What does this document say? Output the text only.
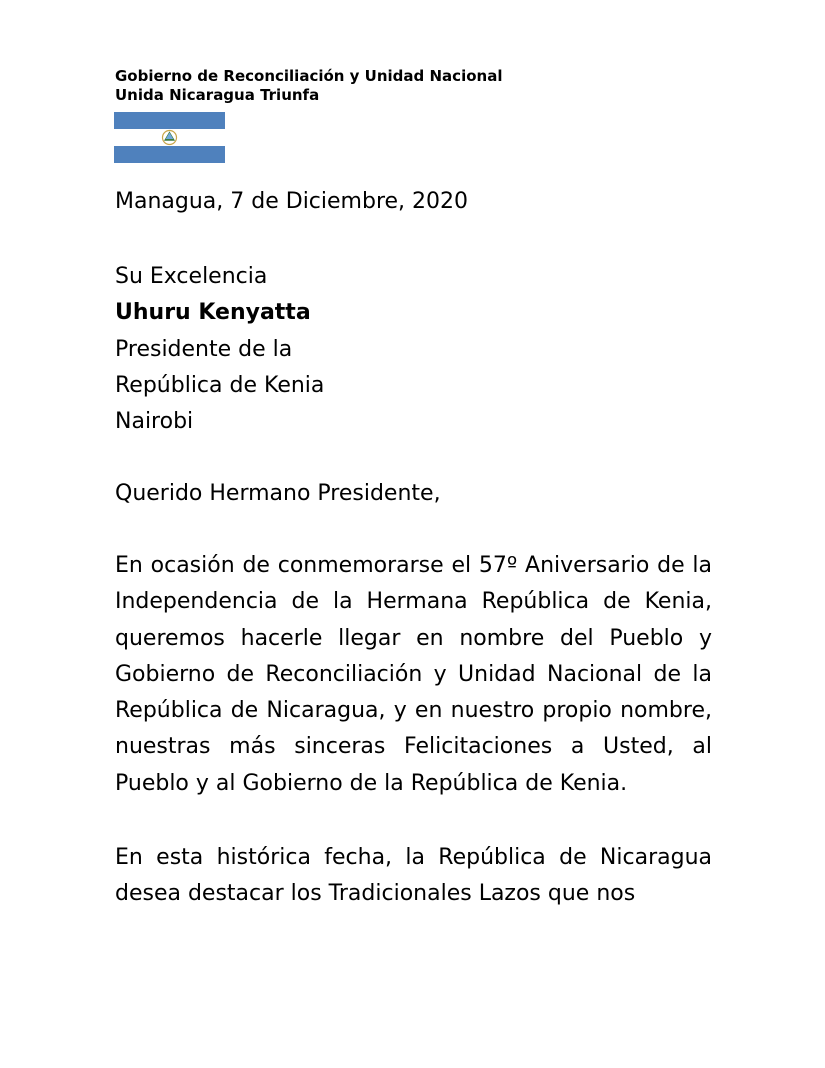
Gobierno de Reconciliación y Unidad Nacional
Unida Nicaragua Triunfa
Managua, 7 de Diciembre, 2020
Su Excelencia
Uhuru Kenyatta
Presidente de la
República de Kenia
Nairobi
Querido Hermano Presidente,
En ocasión de conmemorarse el 57º Aniversario de la Independencia de la Hermana República de Kenia, queremos hacerle llegar en nombre del Pueblo y Gobierno de Reconciliación y Unidad Nacional de la República de Nicaragua, y en nuestro propio nombre, nuestras más sinceras Felicitaciones a Usted, al Pueblo y al Gobierno de la República de Kenia.
En esta histórica fecha, la República de Nicaragua desea destacar los Tradicionales Lazos que nos
